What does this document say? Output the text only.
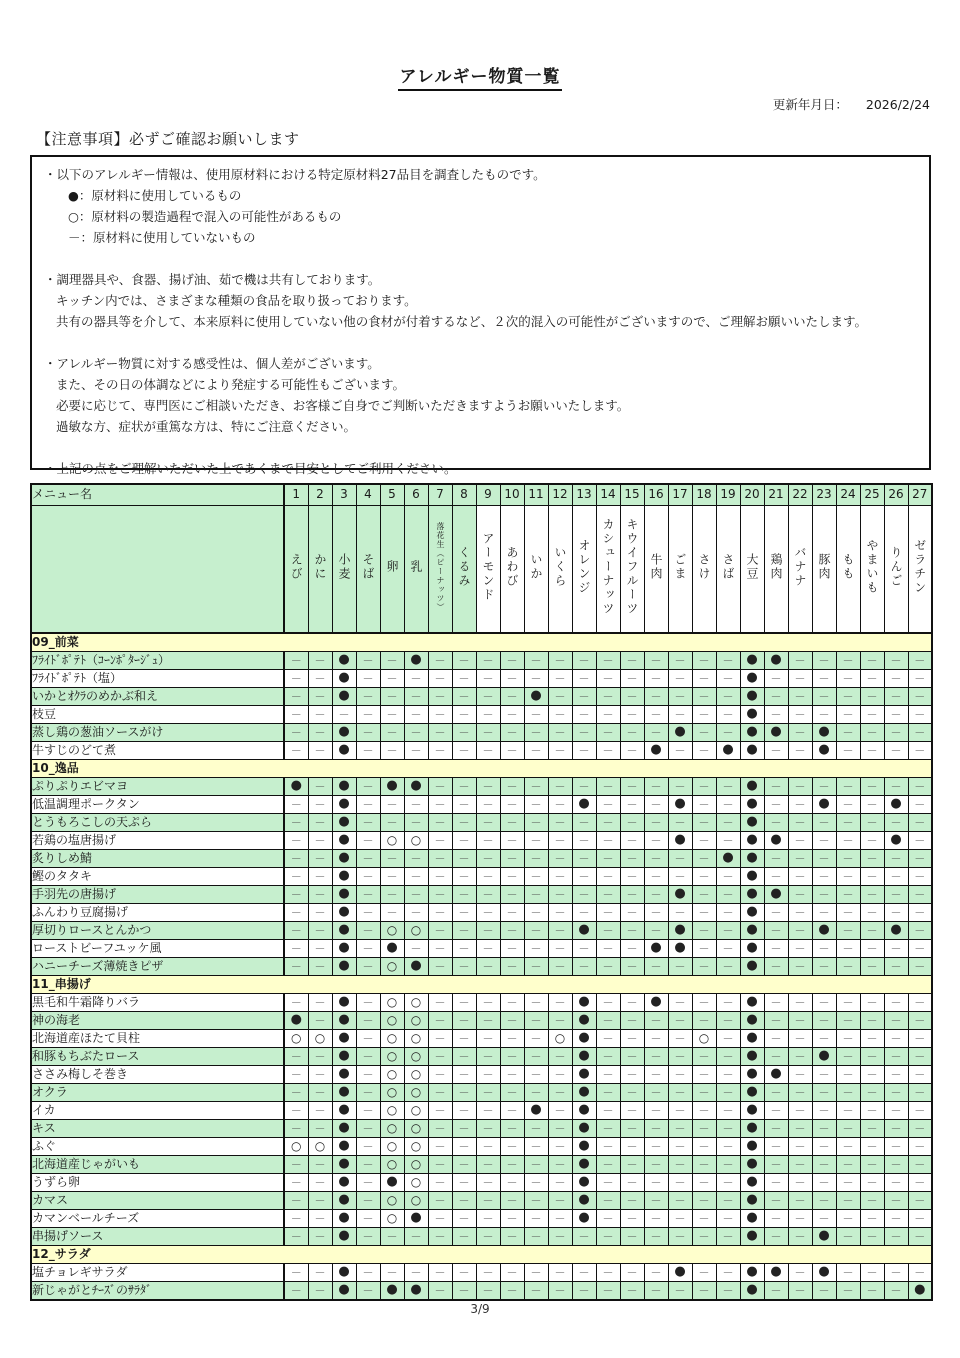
アレルギー物質一覧
更新年月日： 2026/2/24
【注意事項】必ずご確認お願いします
・以下のアレルギー情報は、使用原材料における特定原材料27品目を調査したものです。
●：原材料に使用しているもの
○：原材料の製造過程で混入の可能性があるもの
－：原材料に使用していないもの
・調理器具や、食器、揚げ油、茹で機は共有しております。
キッチン内では、さまざまな種類の食品を取り扱っております。
共有の器具等を介して、本来原料に使用していない他の食材が付着するなど、２次的混入の可能性がございますので、ご理解お願いいたします。
・アレルギー物質に対する感受性は、個人差がございます。
また、その日の体調などにより発症する可能性もございます。
必要に応じて、専門医にご相談いただき、お客様ご自身でご判断いただきますようお願いいたします。
過敏な方、症状が重篤な方は、特にご注意ください。
・上記の点をご理解いただいた上であくまで目安としてご利用ください。
メニュー名	1	2	3	4	5	6	7	8	9	10	11	12	13	14	15	16	17	18	19	20	21	22	23	24	25	26	27
	えび	かに	小麦	そば	卵	乳	落花生（ピーナッツ）	くるみ	アーモンド	あわび	いか	いくら	オレンジ	カシューナッツ	キウイフルーツ	牛肉	ごま	さけ	さば	大豆	鶏肉	バナナ	豚肉	もも	やまいも	りんご	ゼラチン
09_前菜																											
ﾌﾗｲﾄﾞﾎﾟﾃﾄ（ｺｰﾝﾎﾟﾀｰｼﾞｭ）	－	－	●	－	－	●	－	－	－	－	－	－	－	－	－	－	－	－	－	●	●	－	－	－	－	－	－
ﾌﾗｲﾄﾞﾎﾟﾃﾄ（塩）	－	－	●	－	－	－	－	－	－	－	－	－	－	－	－	－	－	－	－	●	－	－	－	－	－	－	－
いかとｵｸﾗのめかぶ和え	－	－	●	－	－	－	－	－	－	－	●	－	－	－	－	－	－	－	－	●	－	－	－	－	－	－	－
枝豆	－	－	－	－	－	－	－	－	－	－	－	－	－	－	－	－	－	－	－	●	－	－	－	－	－	－	－
蒸し鶏の葱油ソースがけ	－	－	●	－	－	－	－	－	－	－	－	－	－	－	－	－	●	－	－	●	●	－	●	－	－	－	－
牛すじのどて煮	－	－	●	－	－	－	－	－	－	－	－	－	－	－	－	●	－	－	●	●	－	－	●	－	－	－	－
10_逸品																											
ぷりぷりエビマヨ	●	－	●	－	●	●	－	－	－	－	－	－	－	－	－	－	－	－	－	●	－	－	－	－	－	－	－
低温調理ポークタン	－	－	●	－	－	－	－	－	－	－	－	－	●	－	－	－	●	－	－	●	－	－	●	－	－	●	－
とうもろこしの天ぷら	－	－	●	－	－	－	－	－	－	－	－	－	－	－	－	－	－	－	－	●	－	－	－	－	－	－	－
若鶏の塩唐揚げ	－	－	●	－	○	○	－	－	－	－	－	－	－	－	－	－	●	－	－	●	●	－	－	－	－	●	－
炙りしめ鯖	－	－	●	－	－	－	－	－	－	－	－	－	－	－	－	－	－	－	●	●	－	－	－	－	－	－	－
鰹のタタキ	－	－	●	－	－	－	－	－	－	－	－	－	－	－	－	－	－	－	－	●	－	－	－	－	－	－	－
手羽先の唐揚げ	－	－	●	－	－	－	－	－	－	－	－	－	－	－	－	－	●	－	－	●	●	－	－	－	－	－	－
ふんわり豆腐揚げ	－	－	●	－	－	－	－	－	－	－	－	－	－	－	－	－	－	－	－	●	－	－	－	－	－	－	－
厚切りロースとんかつ	－	－	●	－	○	○	－	－	－	－	－	－	●	－	－	－	●	－	－	●	－	－	●	－	－	●	－
ローストビーフユッケ風	－	－	●	－	●	－	－	－	－	－	－	－	－	－	－	●	●	－	－	●	－	－	－	－	－	－	－
ハニーチーズ薄焼きピザ	－	－	●	－	○	●	－	－	－	－	－	－	－	－	－	－	－	－	－	●	－	－	－	－	－	－	－
11_串揚げ																											
黒毛和牛霜降りバラ	－	－	●	－	○	○	－	－	－	－	－	－	●	－	－	●	－	－	－	●	－	－	－	－	－	－	－
神の海老	●	－	●	－	○	○	－	－	－	－	－	－	●	－	－	－	－	－	－	●	－	－	－	－	－	－	－
北海道産ほたて貝柱	○	○	●	－	○	○	－	－	－	－	－	○	●	－	－	－	－	○	－	●	－	－	－	－	－	－	－
和豚もちぶたロース	－	－	●	－	○	○	－	－	－	－	－	－	●	－	－	－	－	－	－	●	－	－	●	－	－	－	－
ささみ梅しそ巻き	－	－	●	－	○	○	－	－	－	－	－	－	●	－	－	－	－	－	－	●	●	－	－	－	－	－	－
オクラ	－	－	●	－	○	○	－	－	－	－	－	－	●	－	－	－	－	－	－	●	－	－	－	－	－	－	－
イカ	－	－	●	－	○	○	－	－	－	－	●	－	●	－	－	－	－	－	－	●	－	－	－	－	－	－	－
キス	－	－	●	－	○	○	－	－	－	－	－	－	●	－	－	－	－	－	－	●	－	－	－	－	－	－	－
ふぐ	○	○	●	－	○	○	－	－	－	－	－	－	●	－	－	－	－	－	－	●	－	－	－	－	－	－	－
北海道産じゃがいも	－	－	●	－	○	○	－	－	－	－	－	－	●	－	－	－	－	－	－	●	－	－	－	－	－	－	－
うずら卵	－	－	●	－	●	○	－	－	－	－	－	－	●	－	－	－	－	－	－	●	－	－	－	－	－	－	－
カマス	－	－	●	－	○	○	－	－	－	－	－	－	●	－	－	－	－	－	－	●	－	－	－	－	－	－	－
カマンベールチーズ	－	－	●	－	○	●	－	－	－	－	－	－	●	－	－	－	－	－	－	●	－	－	－	－	－	－	－
串揚げソース	－	－	●	－	－	－	－	－	－	－	－	－	－	－	－	－	－	－	－	●	－	－	●	－	－	－	－
12_サラダ																											
塩チョレギサラダ	－	－	●	－	－	－	－	－	－	－	－	－	－	－	－	－	●	－	－	●	●	－	●	－	－	－	－
新じゃがとﾁｰｽﾞのｻﾗﾀﾞ	－	－	●	－	●	●	－	－	－	－	－	－	－	－	－	－	－	－	－	●	－	－	－	－	－	－	●
3/9
